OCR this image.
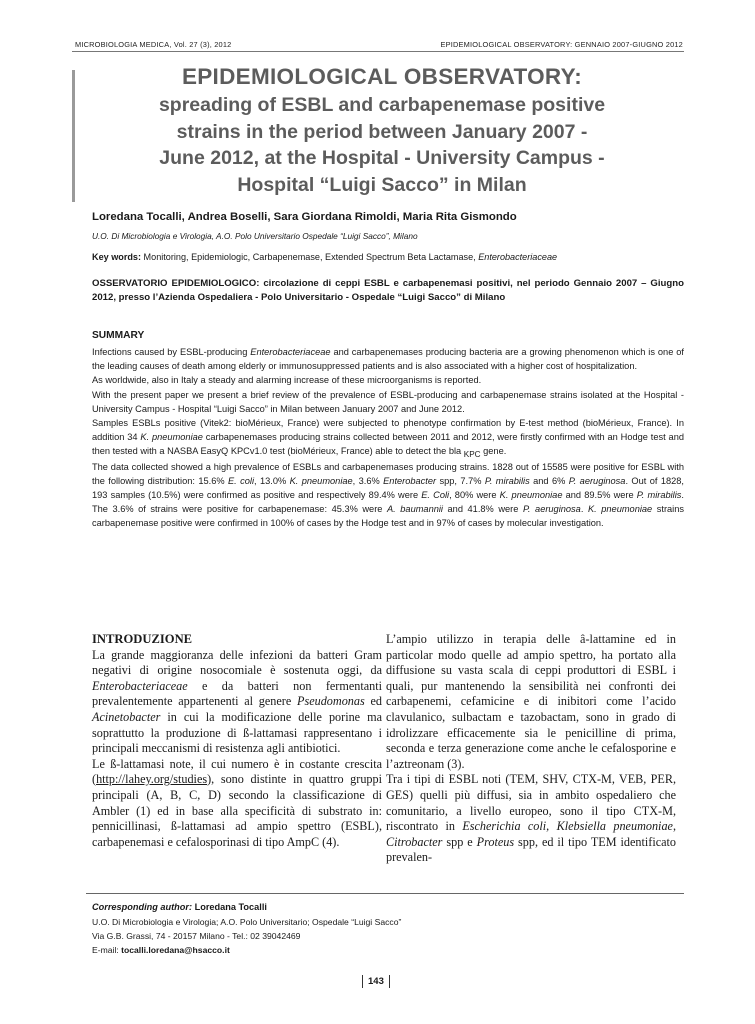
MICROBIOLOGIA MEDICA, Vol. 27 (3), 2012	EPIDEMIOLOGICAL OBSERVATORY: GENNAIO 2007-GIUGNO 2012
EPIDEMIOLOGICAL OBSERVATORY:
spreading of ESBL and carbapenemase positive
strains in the period between January 2007 -
June 2012, at the Hospital - University Campus -
Hospital “Luigi Sacco” in Milan
Loredana Tocalli, Andrea Boselli, Sara Giordana Rimoldi, Maria Rita Gismondo
U.O. Di Microbiologia e Virologia, A.O. Polo Universitario Ospedale “Luigi Sacco”, Milano
Key words: Monitoring, Epidemiologic, Carbapenemase, Extended Spectrum Beta Lactamase, Enterobacteriaceae
OSSERVATORIO EPIDEMIOLOGICO: circolazione di ceppi ESBL e carbapenemasi positivi, nel periodo Gennaio 2007 – Giugno 2012, presso l’Azienda Ospedaliera - Polo Universitario - Ospedale “Luigi Sacco” di Milano
SUMMARY

Infections caused by ESBL-producing Enterobacteriaceae and carbapenemases producing bacteria are a growing phenomenon which is one of the leading causes of death among elderly or immunosuppressed patients and is also associated with a higher cost of hospitalization.

As worldwide, also in Italy a steady and alarming increase of these microorganisms is reported.

With the present paper we present a brief review of the prevalence of ESBL-producing and carbapenemase strains isolated at the Hospital - University Campus - Hospital “Luigi Sacco” in Milan between January 2007 and June 2012.

Samples ESBLs positive (Vitek2: bioMérieux, France) were subjected to phenotype confirmation by E-test method (bioMérieux, France). In addition 34 K. pneumoniae carbapenemases producing strains collected between 2011 and 2012, were firstly confirmed with an Hodge test and then tested with a NASBA EasyQ KPCv1.0 test (bioMérieux, France) able to detect the bla KPC gene.

The data collected showed a high prevalence of ESBLs and carbapenemases producing strains. 1828 out of 15585 were positive for ESBL with the following distribution: 15.6% E. coli, 13.0% K. pneumoniae, 3.6% Enterobacter spp, 7.7% P. mirabilis and 6% P. aeruginosa. Out of 1828, 193 samples (10.5%) were confirmed as positive and respectively 89.4% were E. Coli, 80% were K. pneumoniae and 89.5% were P. mirabilis. The 3.6% of strains were positive for carbapenemase: 45.3% were A. baumannii and 41.8% were P. aeruginosa. K. pneumoniae strains carbapenemase positive were confirmed in 100% of cases by the Hodge test and in 97% of cases by molecular investigation.

INTRODUZIONE

La grande maggioranza delle infezioni da batteri Gram negativi di origine nosocomiale è sostenuta oggi, da Enterobacteriaceae e da batteri non fermentanti prevalentemente appartenenti al genere Pseudomonas ed Acinetobacter in cui la modificazione delle porine ma soprattutto la produzione di ß-lattamasi rappresentano i principali meccanismi di resistenza agli antibiotici.

Le ß-lattamasi note, il cui numero è in costante crescita (http://lahey.org/studies), sono distinte in quattro gruppi principali (A, B, C, D) secondo la classificazione di Ambler (1) ed in base alla specificità di substrato in: pennicillinasi, ß-lattamasi ad ampio spettro (ESBL), carbapenemasi e cefalosporinasi di tipo AmpC (4).

L’ampio utilizzo in terapia delle â-lattamine ed in particolar modo quelle ad ampio spettro, ha portato alla diffusione su vasta scala di ceppi produttori di ESBL i quali, pur mantenendo la sensibilità nei confronti dei carbapenemi, cefamicine e di inibitori come l’acido clavulanico, sulbactam e tazobactam, sono in grado di idrolizzare efficacemente sia le penicilline di prima, seconda e terza generazione come anche le cefalosporine e l’aztreonam (3).

Tra i tipi di ESBL noti (TEM, SHV, CTX-M, VEB, PER, GES) quelli più diffusi, sia in ambito ospedaliero che comunitario, a livello europeo, sono il tipo CTX-M, riscontrato in Escherichia coli, Klebsiella pneumoniae, Citrobacter spp e Proteus spp, ed il tipo TEM identificato prevalen-

Corresponding author: Loredana Tocalli
U.O. Di Microbiologia e Virologia; A.O. Polo Universitario; Ospedale “Luigi Sacco”
Via G.B. Grassi, 74 - 20157 Milano - Tel.: 02 39042469
E-mail: tocalli.loredana@hsacco.it
143
